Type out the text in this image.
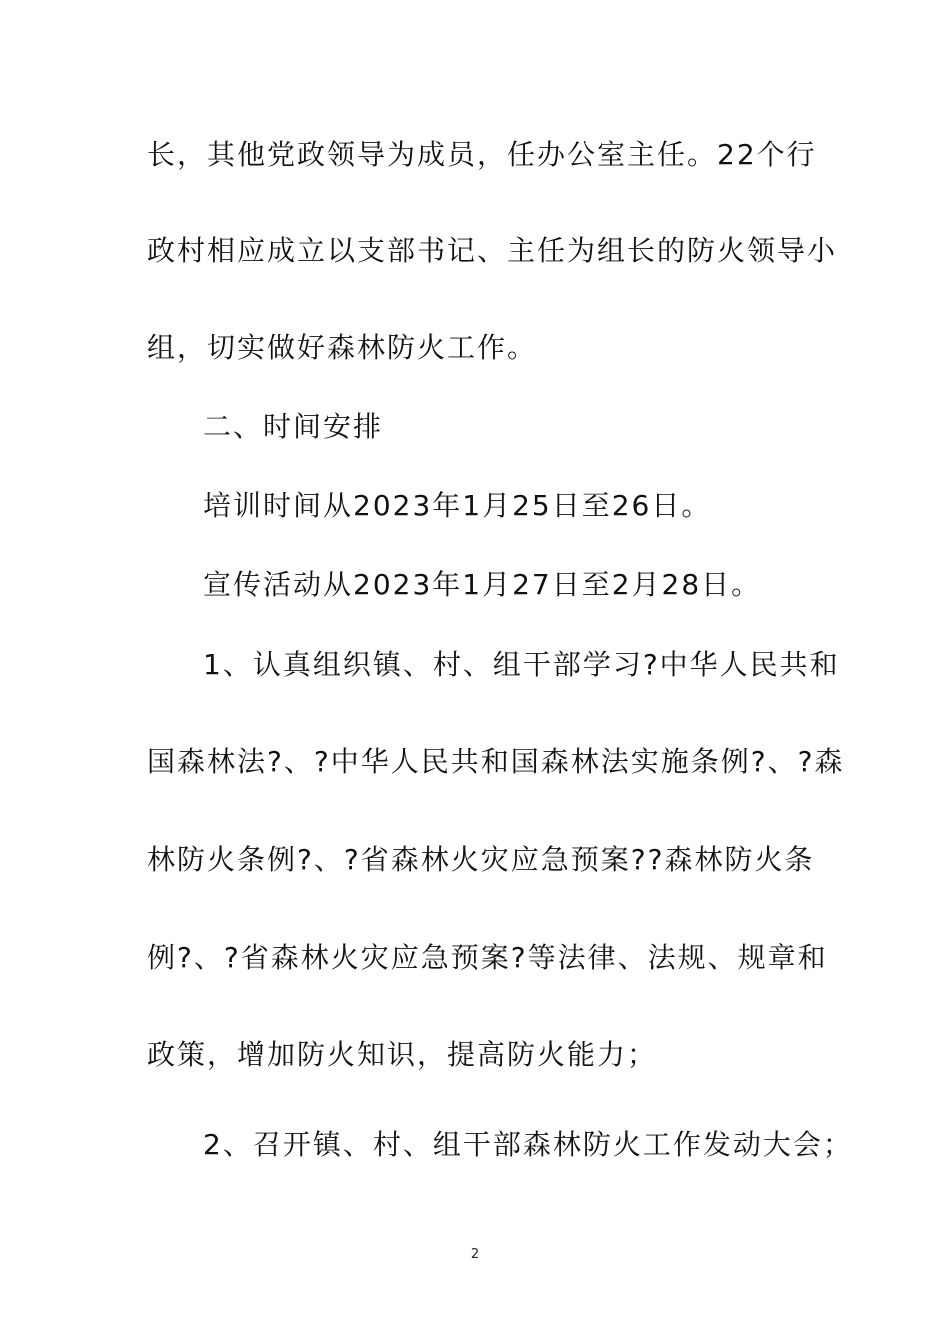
长，其他党政领导为成员，任办公室主任。22个行
政村相应成立以支部书记、主任为组长的防火领导小
组，切实做好森林防火工作。
二、时间安排
培训时间从2023年1月25日至26日。
宣传活动从2023年1月27日至2月28日。
1、认真组织镇、村、组干部学习?中华人民共和
国森林法?、?中华人民共和国森林法实施条例?、?森
林防火条例?、?省森林火灾应急预案??森林防火条
例?、?省森林火灾应急预案?等法律、法规、规章和
政策，增加防火知识，提高防火能力；
2、召开镇、村、组干部森林防火工作发动大会；
2
